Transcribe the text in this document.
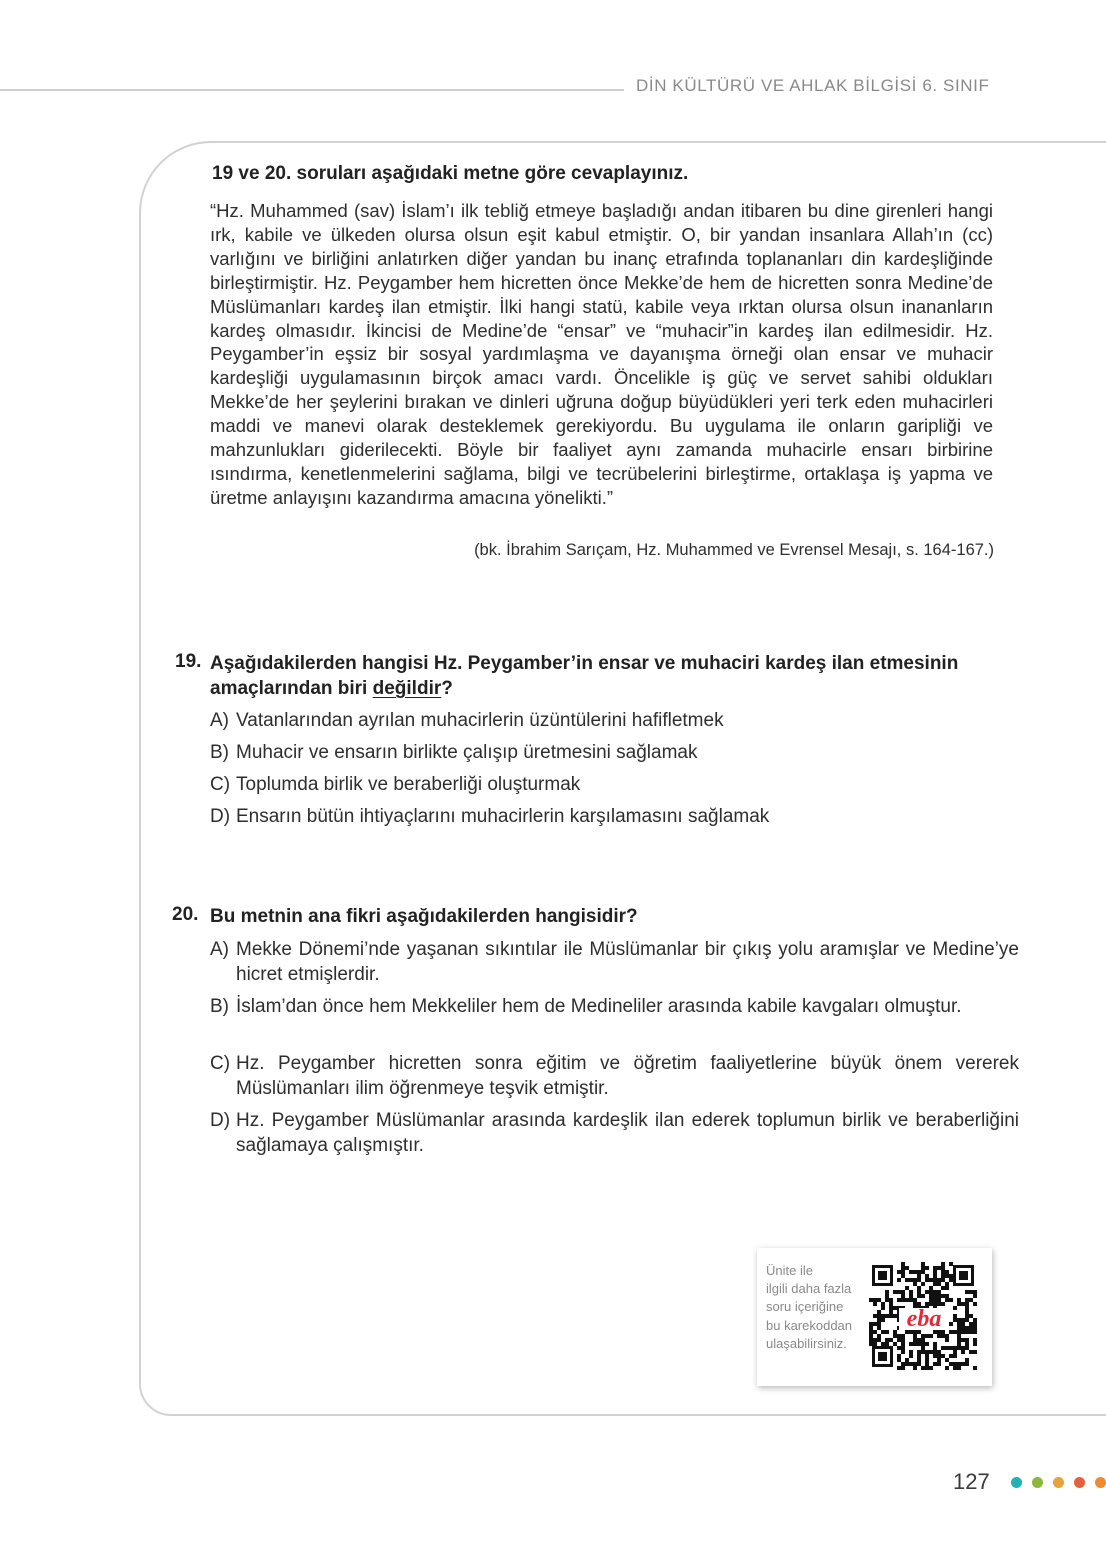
DİN KÜLTÜRÜ VE AHLAK BİLGİSİ 6. SINIF
19 ve 20. soruları aşağıdaki metne göre cevaplayınız.

“Hz. Muhammed (sav) İslam’ı ilk tebliğ etmeye başladığı andan itibaren bu dine girenleri hangi ırk, kabile ve ülkeden olursa olsun eşit kabul etmiştir. O, bir yandan insanlara Allah’ın (cc) varlığını ve birliğini anlatırken diğer yandan bu inanç etrafında toplananları din kardeşliğinde birleştirmiştir. Hz. Peygamber hem hicretten önce Mekke’de hem de hicretten sonra Medine’de Müslümanları kardeş ilan etmiştir. İlki hangi statü, kabile veya ırktan olursa olsun inananların kardeş olmasıdır. İkincisi de Medine’de “ensar” ve “muhacir”in kardeş ilan edilmesidir. Hz. Peygamber’in eşsiz bir sosyal yardımlaşma ve dayanışma örneği olan ensar ve muhacir kardeşliği uygulamasının birçok amacı vardı. Öncelikle iş güç ve servet sahibi oldukları Mekke’de her şeylerini bırakan ve dinleri uğruna doğup büyüdükleri yeri terk eden muhacirleri maddi ve manevi olarak desteklemek gerekiyordu. Bu uygulama ile onların garipliği ve mahzunlukları giderilecekti. Böyle bir faaliyet aynı zamanda muhacirle ensarı birbirine ısındırma, kenetlenmelerini sağlama, bilgi ve tecrübelerini birleştirme, ortaklaşa iş yapma ve üretme anlayışını kazandırma amacına yönelikti.”

(bk. İbrahim Sarıçam, Hz. Muhammed ve Evrensel Mesajı, s. 164-167.)
19. Aşağıdakilerden hangisi Hz. Peygamber’in ensar ve muhaciri kardeş ilan etmesinin amaçlarından biri değildir?

A) Vatanlarından ayrılan muhacirlerin üzüntülerini hafifletmek

B) Muhacir ve ensarın birlikte çalışıp üretmesini sağlamak

C) Toplumda birlik ve beraberliği oluşturmak

D) Ensarın bütün ihtiyaçlarını muhacirlerin karşılamasını sağlamak

20. Bu metnin ana fikri aşağıdakilerden hangisidir?

A) Mekke Dönemi’nde yaşanan sıkıntılar ile Müslümanlar bir çıkış yolu aramışlar ve Medine’ye hicret etmişlerdir.

B) İslam’dan önce hem Mekkeliler hem de Medineliler arasında kabile kavgaları olmuştur.

C) Hz. Peygamber hicretten sonra eğitim ve öğretim faaliyetlerine büyük önem vererek Müslümanları ilim öğrenmeye teşvik etmiştir.

D) Hz. Peygamber Müslümanlar arasında kardeşlik ilan ederek toplumun birlik ve beraberliğini sağlamaya çalışmıştır.

Ünite ile
ilgili daha fazla
soru içeriğine
bu karekoddan
ulaşabilirsiniz.

eba
127
